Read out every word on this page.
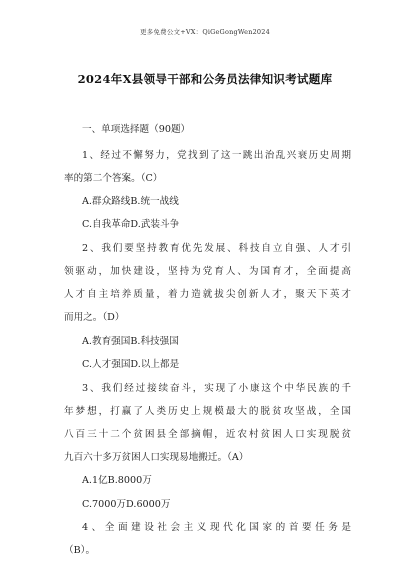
更多免费公文+VX：QiGeGongWen2024
2024年X县领导干部和公务员法律知识考试题库
一、单项选择题（90题）
1、经过不懈努力，党找到了这一跳出治乱兴衰历史周期
率的第二个答案。（C）
A.群众路线B.统一战线
C.自我革命D.武装斗争
2、我们要坚持教育优先发展、科技自立自强、人才引
领驱动，加快建设，坚持为党育人、为国育才，全面提高
人才自主培养质量，着力造就拔尖创新人才，聚天下英才
而用之。（D）
A.教育强国B.科技强国
C.人才强国D.以上都是
3、我们经过接续奋斗，实现了小康这个中华民族的千
年梦想，打赢了人类历史上规模最大的脱贫攻坚战，全国
八百三十二个贫困县全部摘帽，近农村贫困人口实现脱贫
九百六十多万贫困人口实现易地搬迁。（A）
A.1亿B.8000万
C.7000万D.6000万
4、全面建设社会主义现代化国家的首要任务是
（B）。
